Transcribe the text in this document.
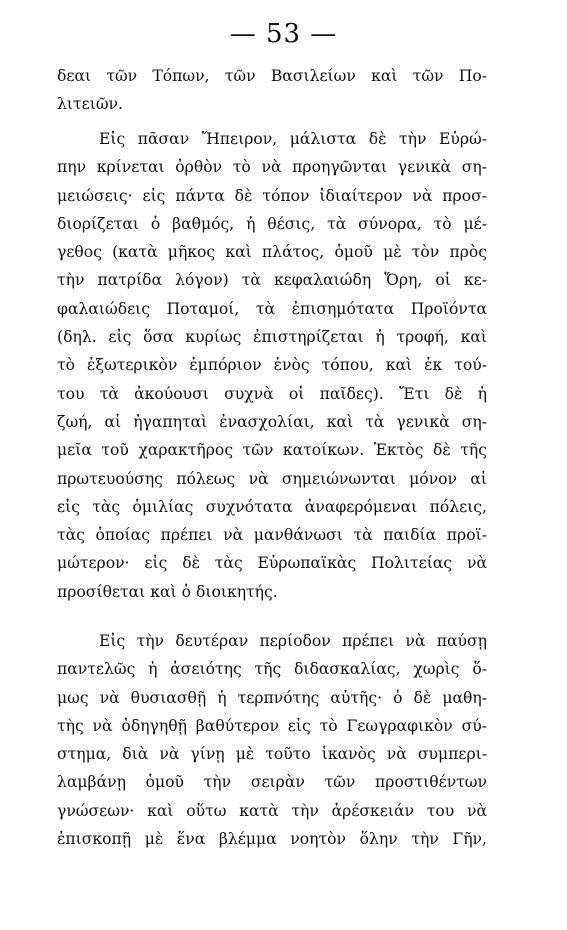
— 53 —
δεαι τῶν Τόπων, τῶν Βασιλείων καὶ τῶν Πο-
λιτειῶν.
Εἰς πᾶσαν Ἤπειρον, μάλιστα δὲ τὴν Εὐρώ-
πην κρίνεται ὀρθὸν τὸ νὰ προηγῶνται γενικὰ ση-
μειώσεις· εἰς πάντα δὲ τόπον ἰδιαίτερον νὰ προσ-
διορίζεται ὁ βαθμός, ἡ θέσις, τὰ σύνορα, τὸ μέ-
γεθος (κατὰ μῆκος καὶ πλάτος, ὁμοῦ μὲ τὸν πρὸς
τὴν πατρίδα λόγον) τὰ κεφαλαιώδη Ὄρη, οἱ κε-
φαλαιώδεις Ποταμοί, τὰ ἐπισημότατα Προϊόντα
(δηλ. εἰς ὅσα κυρίως ἐπιστηρίζεται ἡ τροφή, καὶ
τὸ ἐξωτερικὸν ἐμπόριον ἑνὸς τόπου, καὶ ἐκ τού-
του τὰ ἀκούουσι συχνὰ οἱ παῖδες). Ἔτι δὲ ἡ
ζωή, αἱ ἠγαπηταὶ ἐνασχολίαι, καὶ τὰ γενικὰ ση-
μεῖα τοῦ χαρακτῆρος τῶν κατοίκων. Ἐκτὸς δὲ τῆς
πρωτευούσης πόλεως νὰ σημειώνωνται μόνον αἱ
εἰς τὰς ὁμιλίας συχνότατα ἀναφερόμεναι πόλεις,
τὰς ὁποίας πρέπει νὰ μανθάνωσι τὰ παιδία προϊ-
μώτερον· εἰς δὲ τὰς Εὐρωπαϊκὰς Πολιτείας νὰ
προσίθεται καὶ ὁ διοικητής.
Εἰς τὴν δευτέραν περίοδον πρέπει νὰ παύσῃ
παντελῶς ἡ ἀσειότης τῆς διδασκαλίας, χωρὶς ὅ-
μως νὰ θυσιασθῇ ἡ τερπνότης αὐτῆς· ὁ δὲ μαθη-
τὴς νὰ ὁδηγηθῇ βαθύτερον εἰς τὸ Γεωγραφικὸν σύ-
στημα, διὰ νὰ γίνῃ μὲ τοῦτο ἱκανὸς νὰ συμπερι-
λαμβάνῃ ὁμοῦ τὴν σειρὰν τῶν προστιθέντων
γνώσεων· καὶ οὕτω κατὰ τὴν ἀρέσκειάν του νὰ
ἐπισκοπῇ μὲ ἕνα βλέμμα νοητὸν ὅλην τὴν Γῆν,
